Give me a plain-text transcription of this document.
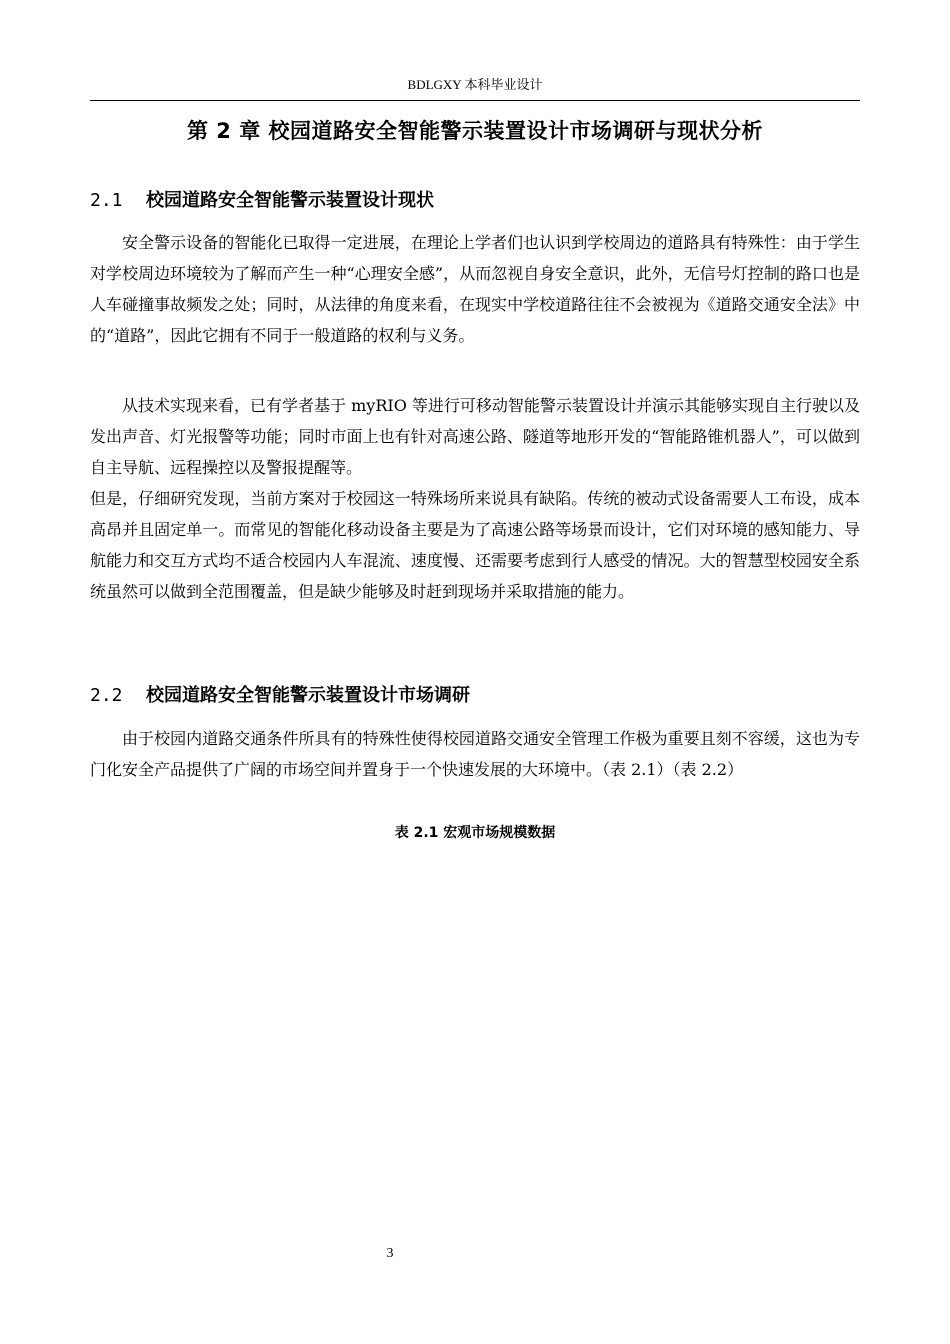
BDLGXY 本科毕业设计
第 2 章 校园道路安全智能警示装置设计市场调研与现状分析
2.1 校园道路安全智能警示装置设计现状

安全警示设备的智能化已取得一定进展，在理论上学者们也认识到学校周边的道路具有特殊性：由于学生对学校周边环境较为了解而产生一种“心理安全感”，从而忽视自身安全意识，此外，无信号灯控制的路口也是人车碰撞事故频发之处；同时，从法律的角度来看，在现实中学校道路往往不会被视为《道路交通安全法》中的“道路”，因此它拥有不同于一般道路的权利与义务。

从技术实现来看，已有学者基于 myRIO 等进行可移动智能警示装置设计并演示其能够实现自主行驶以及发出声音、灯光报警等功能；同时市面上也有针对高速公路、隧道等地形开发的“智能路锥机器人”，可以做到自主导航、远程操控以及警报提醒等。

但是，仔细研究发现，当前方案对于校园这一特殊场所来说具有缺陷。传统的被动式设备需要人工布设，成本高昂并且固定单一。而常见的智能化移动设备主要是为了高速公路等场景而设计，它们对环境的感知能力、导航能力和交互方式均不适合校园内人车混流、速度慢、还需要考虑到行人感受的情况。大的智慧型校园安全系统虽然可以做到全范围覆盖，但是缺少能够及时赶到现场并采取措施的能力。

2.2 校园道路安全智能警示装置设计市场调研

由于校园内道路交通条件所具有的特殊性使得校园道路交通安全管理工作极为重要且刻不容缓，这也为专门化安全产品提供了广阔的市场空间并置身于一个快速发展的大环境中。（表 2.1）（表 2.2）

表 2.1 宏观市场规模数据
3
